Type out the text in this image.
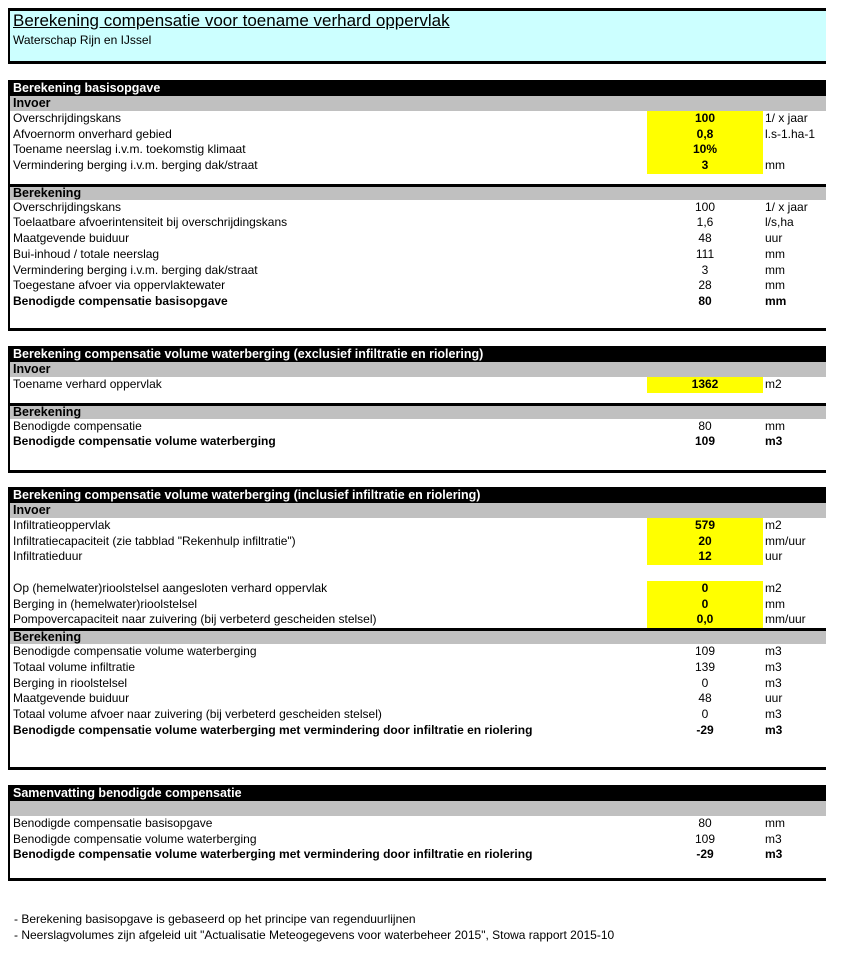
Berekening compensatie voor toename verhard oppervlak
Waterschap Rijn en IJssel
Berekening basisopgave
Invoer
Overschrijdingskans	100	1/ x jaar
Afvoernorm onverhard gebied	0,8	l.s-1.ha-1
Toename neerslag i.v.m. toekomstig klimaat	10%
Vermindering berging i.v.m. berging dak/straat	3	mm
Berekening
Overschrijdingskans	100	1/ x jaar
Toelaatbare afvoerintensiteit bij overschrijdingskans	1,6	l/s,ha
Maatgevende buiduur	48	uur
Bui-inhoud / totale neerslag	111	mm
Vermindering berging i.v.m. berging dak/straat	3	mm
Toegestane afvoer via oppervlaktewater	28	mm
Benodigde compensatie basisopgave	80	mm
Berekening compensatie volume waterberging (exclusief infiltratie en riolering)
Invoer
Toename verhard oppervlak	1362	m2
Berekening
Benodigde compensatie	80	mm
Benodigde compensatie volume waterberging	109	m3
Berekening compensatie volume waterberging (inclusief infiltratie en riolering)
Invoer
Infiltratieoppervlak	579	m2
Infiltratiecapaciteit (zie tabblad "Rekenhulp infiltratie")	20	mm/uur
Infiltratieduur	12	uur
Op (hemelwater)rioolstelsel aangesloten verhard oppervlak	0	m2
Berging in (hemelwater)rioolstelsel	0	mm
Pompovercapaciteit naar zuivering (bij verbeterd gescheiden stelsel)	0,0	mm/uur
Berekening
Benodigde compensatie volume waterberging	109	m3
Totaal volume infiltratie	139	m3
Berging in rioolstelsel	0	m3
Maatgevende buiduur	48	uur
Totaal volume afvoer naar zuivering (bij verbeterd gescheiden stelsel)	0	m3
Benodigde compensatie volume waterberging met vermindering door infiltratie en riolering	-29	m3
Samenvatting benodigde compensatie
Benodigde compensatie basisopgave	80	mm
Benodigde compensatie volume waterberging	109	m3
Benodigde compensatie volume waterberging met vermindering door infiltratie en riolering	-29	m3
- Berekening basisopgave is gebaseerd op het principe van regenduurlijnen
- Neerslagvolumes zijn afgeleid uit "Actualisatie Meteogegevens voor waterbeheer 2015", Stowa rapport 2015-10
